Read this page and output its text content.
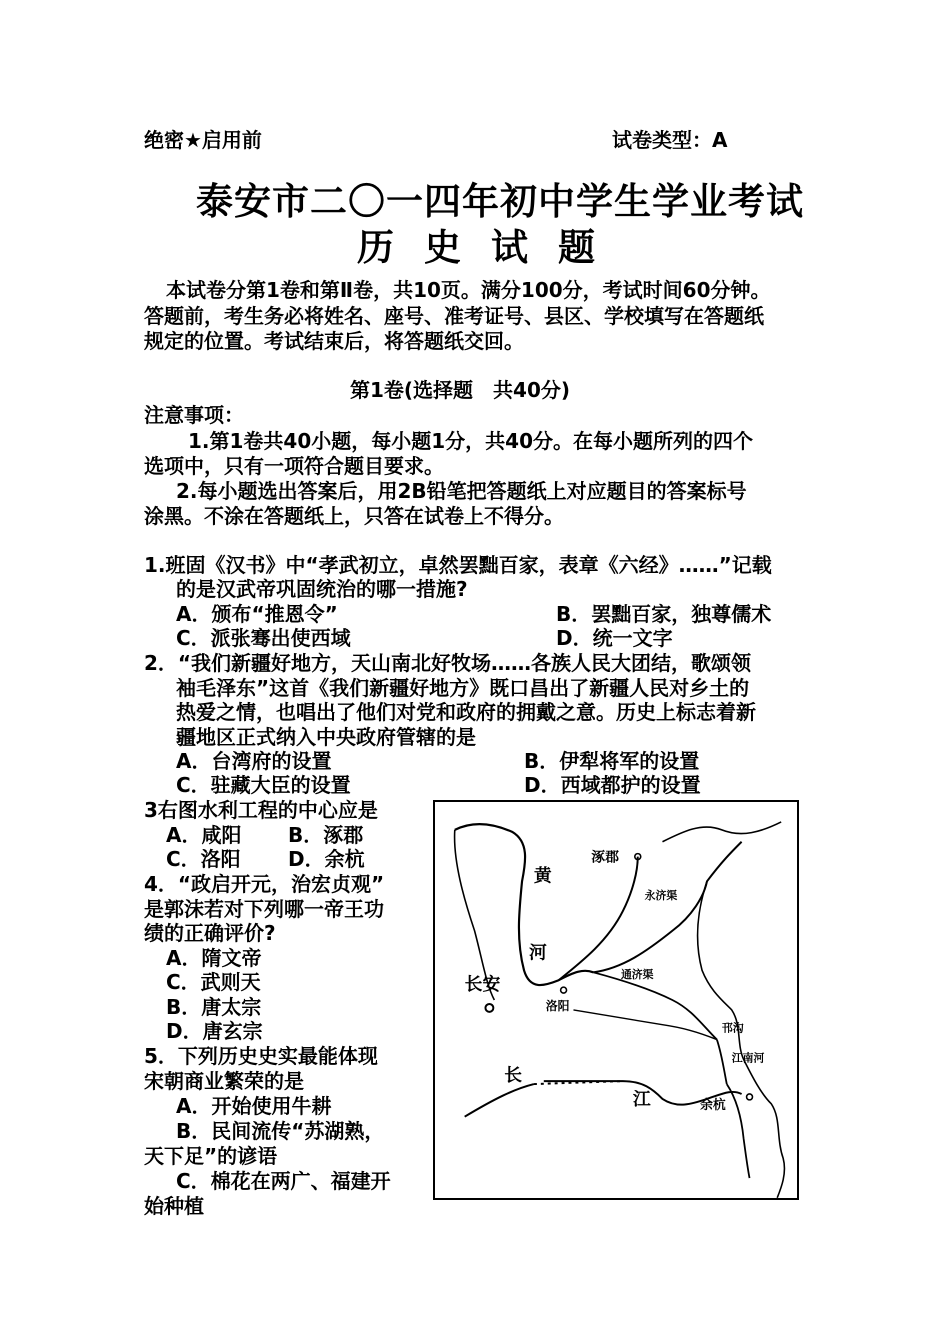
绝密★启用前	试卷类型：A
泰安市二〇一四年初中学生学业考试
历史试题
本试卷分第1卷和第Ⅱ卷，共10页。满分100分，考试时间60分钟。
答题前，考生务必将姓名、座号、准考证号、县区、学校填写在答题纸
规定的位置。考试结束后，将答题纸交回。
第1卷(选择题　共40分)
注意事项：
1.第1卷共40小题，每小题1分，共40分。在每小题所列的四个
选项中，只有一项符合题目要求。
2.每小题选出答案后，用2B铅笔把答题纸上对应题目的答案标号
涂黑。不涂在答题纸上，只答在试卷上不得分。
1.班固《汉书》中“孝武初立，卓然罢黜百家，表章《六经》……”记载
的是汉武帝巩固统治的哪一措施?
A．颁布“推恩令”	B．罢黜百家，独尊儒术
C．派张骞出使西域	D．统一文字
2．“我们新疆好地方，天山南北好牧场……各族人民大团结，歌颂领
袖毛泽东”这首《我们新疆好地方》既口昌出了新疆人民对乡土的
热爱之情，也唱出了他们对党和政府的拥戴之意。历史上标志着新
疆地区正式纳入中央政府管辖的是
A．台湾府的设置	B．伊犁将军的设置
C．驻藏大臣的设置	D．西域都护的设置
3右图水利工程的中心应是
A．咸阳 B．涿郡
C．洛阳 D．余杭
4．“政启开元，治宏贞观”
是郭沫若对下列哪一帝王功
绩的正确评价?
A．隋文帝
C．武则天
B．唐太宗
D．唐玄宗
5．下列历史史实最能体现
宋朝商业繁荣的是
A．开始使用牛耕
B．民间流传“苏湖熟，
天下足”的谚语
C．棉花在两广、福建开
始种植
涿郡
永济渠
黄
河
长安
洛阳
通济渠
邗沟
江南河
长
江	余杭
